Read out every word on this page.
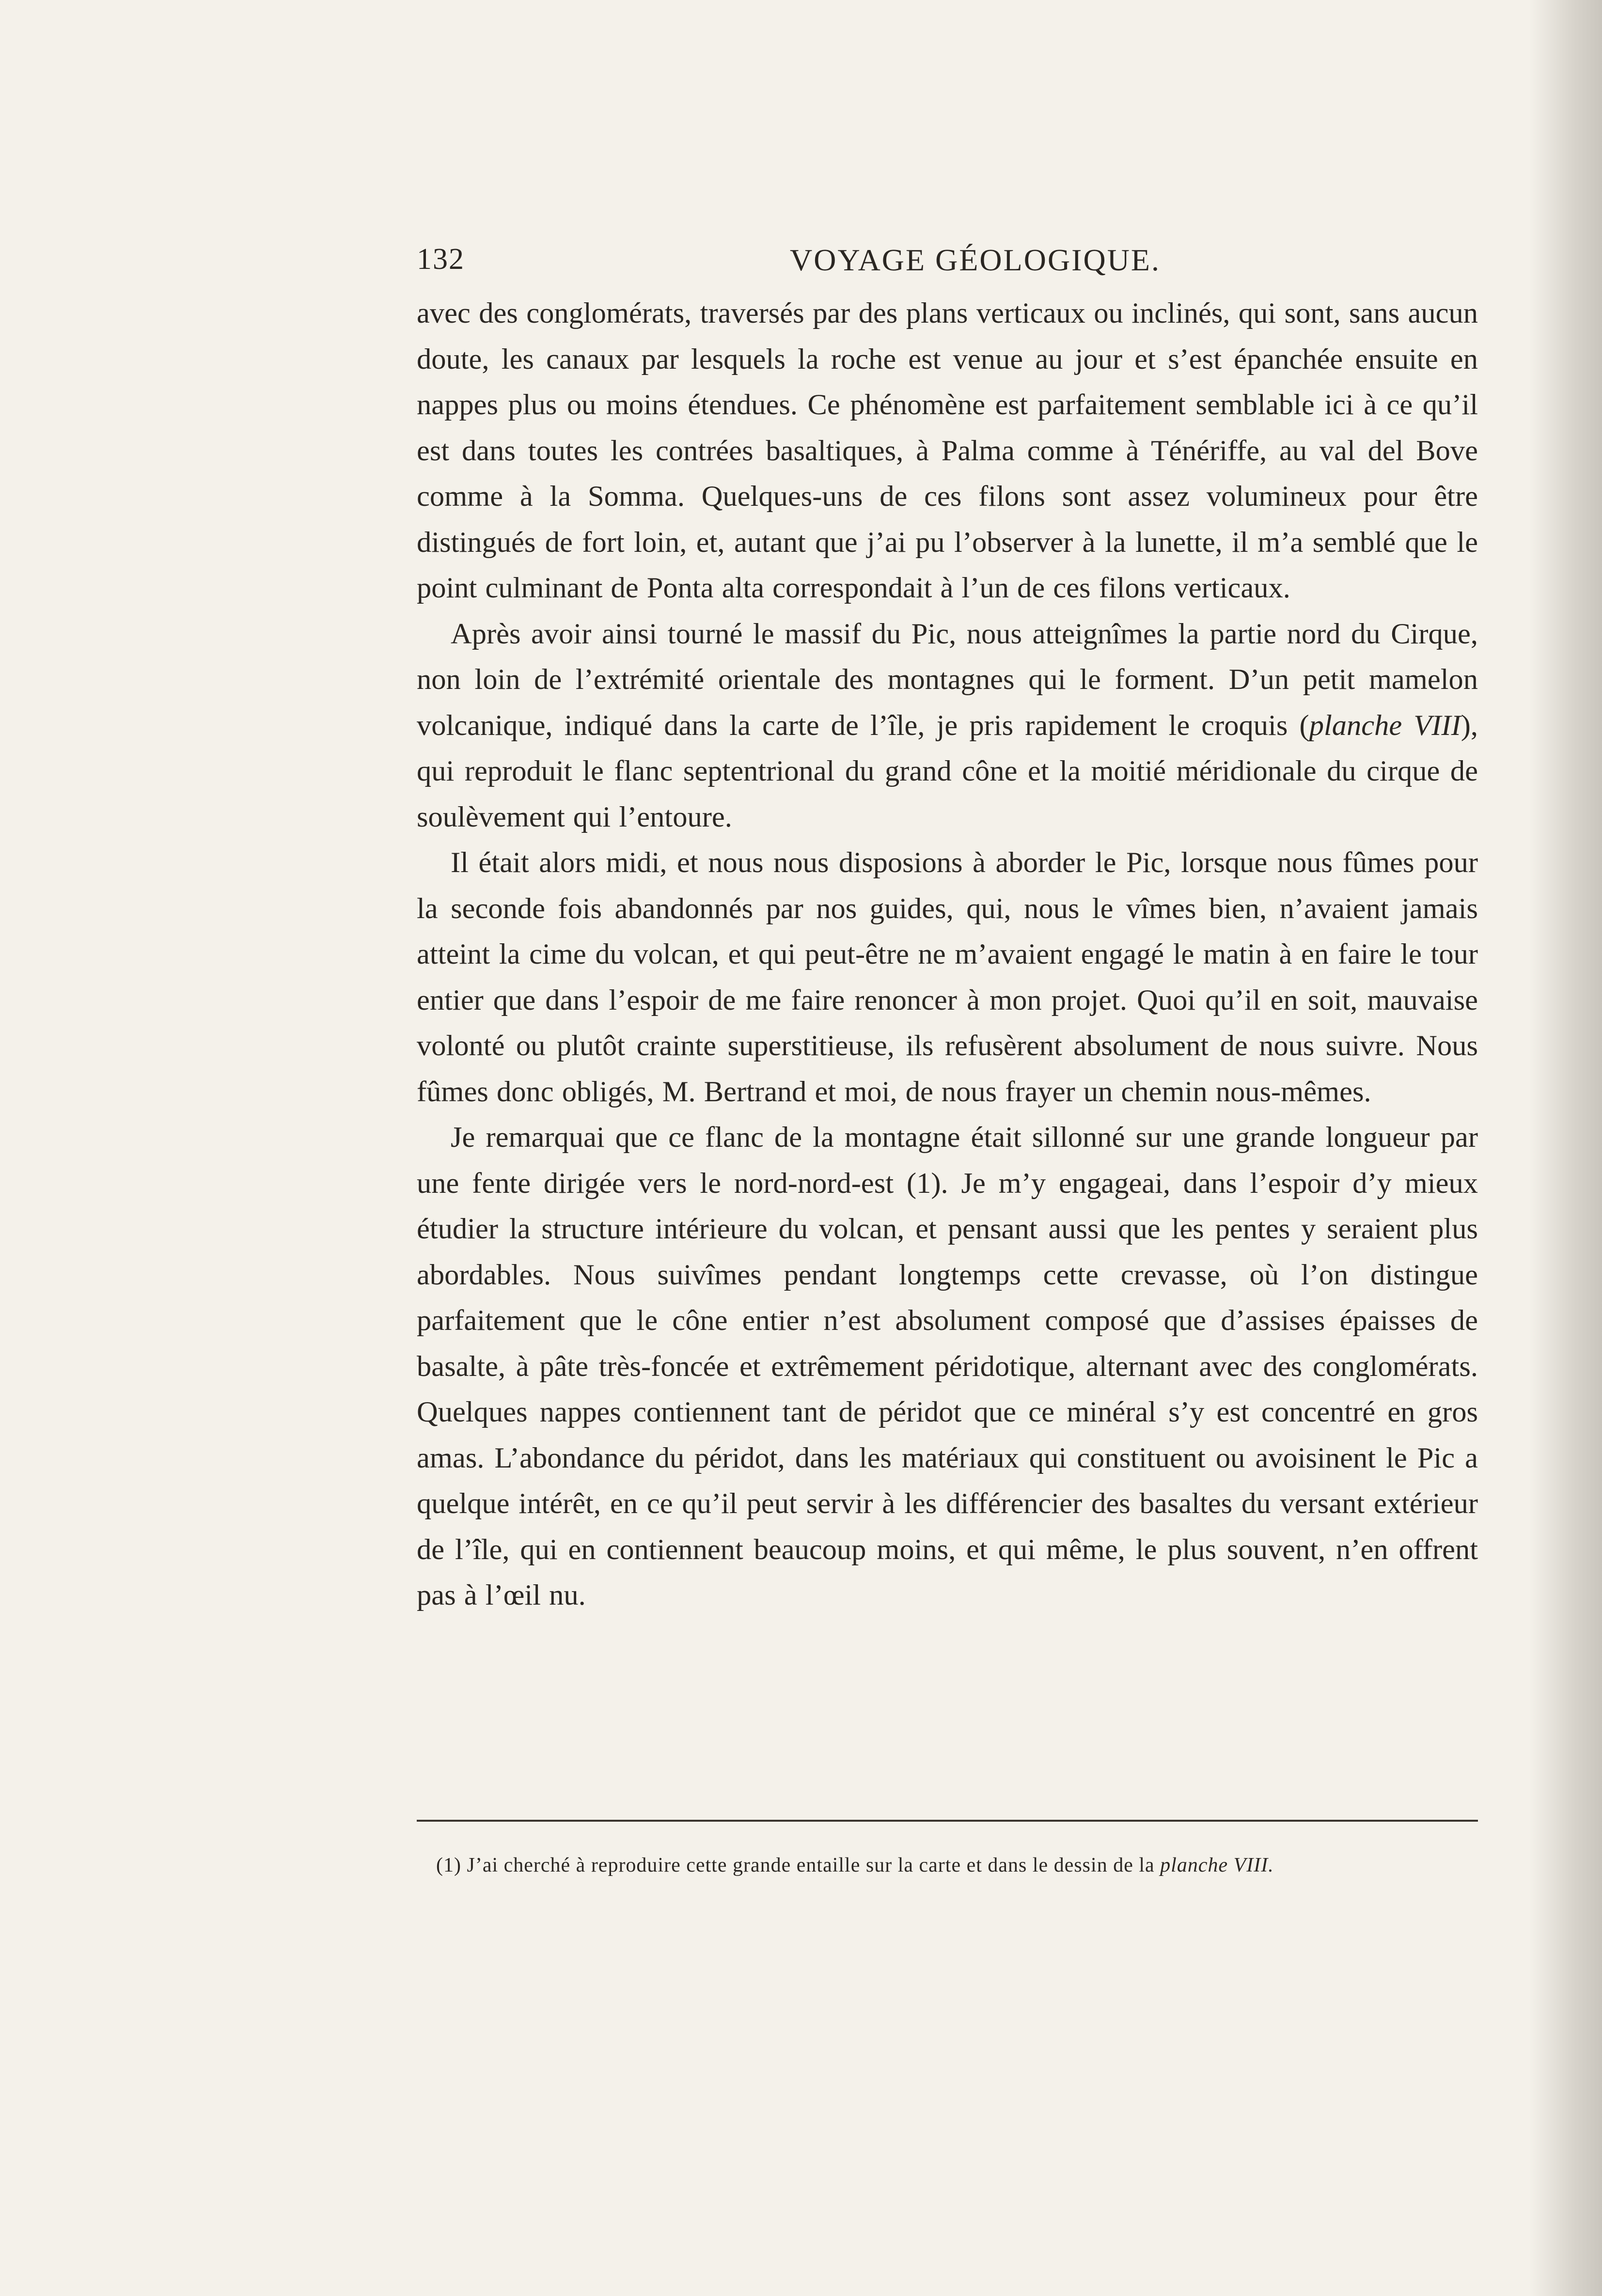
132	VOYAGE GÉOLOGIQUE.

avec des conglomérats, traversés par des plans verticaux ou inclinés, qui sont, sans aucun doute, les canaux par lesquels la roche est venue au jour et s’est épanchée ensuite en nappes plus ou moins étendues. Ce phénomène est parfaitement semblable ici à ce qu’il est dans toutes les contrées basaltiques, à Palma comme à Ténériffe, au val del Bove comme à la Somma. Quelques-uns de ces filons sont assez volumineux pour être distingués de fort loin, et, autant que j’ai pu l’observer à la lunette, il m’a semblé que le point culminant de Ponta alta correspondait à l’un de ces filons verticaux.

Après avoir ainsi tourné le massif du Pic, nous atteignîmes la partie nord du Cirque, non loin de l’extrémité orientale des montagnes qui le forment. D’un petit mamelon volcanique, indiqué dans la carte de l’île, je pris rapidement le croquis (planche VIII), qui reproduit le flanc septentrional du grand cône et la moitié méridionale du cirque de soulèvement qui l’entoure.

Il était alors midi, et nous nous disposions à aborder le Pic, lorsque nous fûmes pour la seconde fois abandonnés par nos guides, qui, nous le vîmes bien, n’avaient jamais atteint la cime du volcan, et qui peut-être ne m’avaient engagé le matin à en faire le tour entier que dans l’espoir de me faire renoncer à mon projet. Quoi qu’il en soit, mauvaise volonté ou plutôt crainte superstitieuse, ils refusèrent absolument de nous suivre. Nous fûmes donc obligés, M. Bertrand et moi, de nous frayer un chemin nous-mêmes.

Je remarquai que ce flanc de la montagne était sillonné sur une grande longueur par une fente dirigée vers le nord-nord-est (1). Je m’y engageai, dans l’espoir d’y mieux étudier la structure intérieure du volcan, et pensant aussi que les pentes y seraient plus abordables. Nous suivîmes pendant longtemps cette crevasse, où l’on distingue parfaitement que le cône entier n’est absolument composé que d’assises épaisses de basalte, à pâte très-foncée et extrêmement péridotique, alternant avec des conglomérats. Quelques nappes contiennent tant de péridot que ce minéral s’y est concentré en gros amas. L’abondance du péridot, dans les matériaux qui constituent ou avoisinent le Pic a quelque intérêt, en ce qu’il peut servir à les différencier des basaltes du versant extérieur de l’île, qui en contiennent beaucoup moins, et qui même, le plus souvent, n’en offrent pas à l’œil nu.

(1) J’ai cherché à reproduire cette grande entaille sur la carte et dans le dessin de la planche VIII.
